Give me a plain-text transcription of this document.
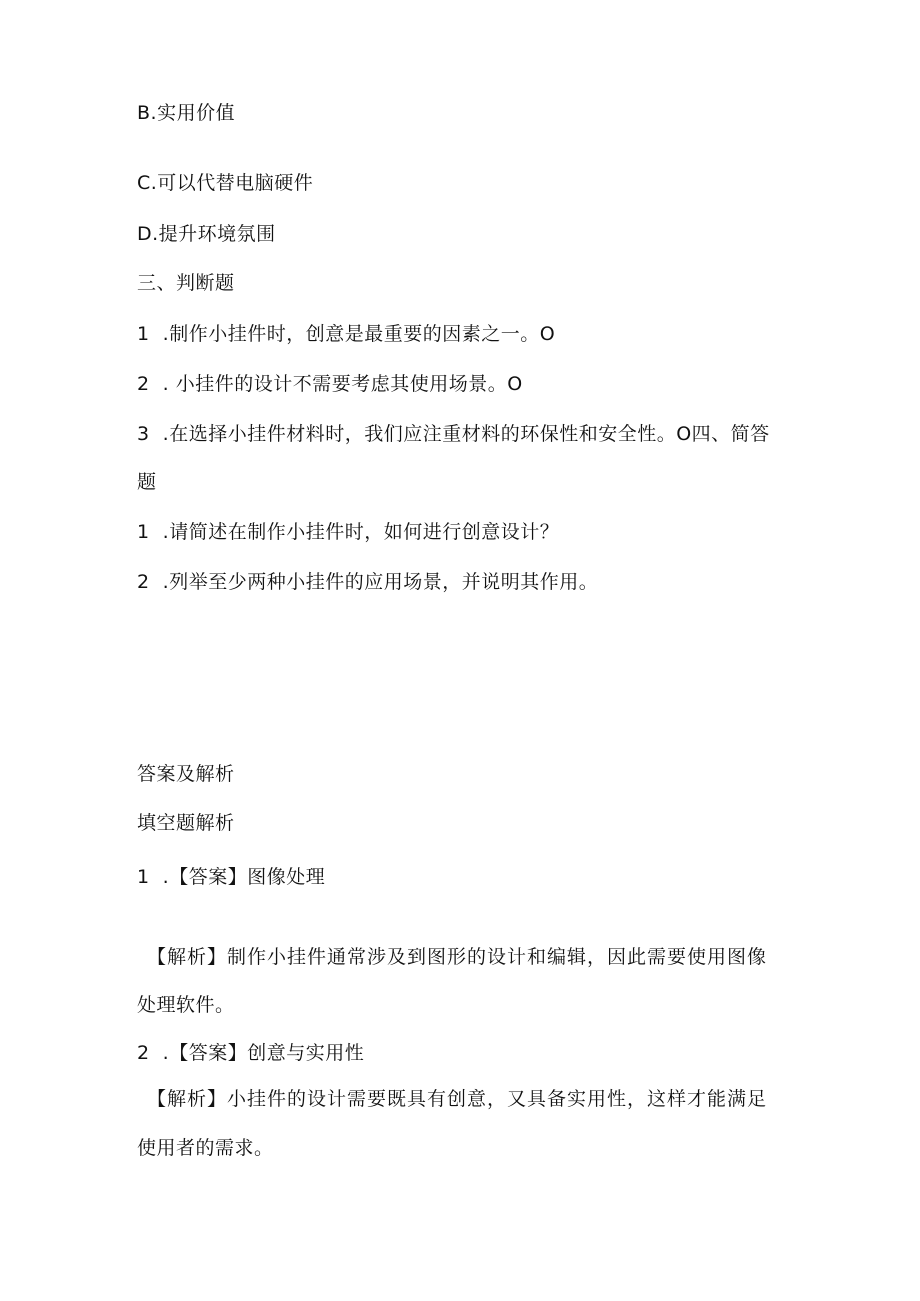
B.实用价值
C.可以代替电脑硬件
D.提升环境氛围
三、判断题
1  .制作小挂件时，创意是最重要的因素之一。O
2  . 小挂件的设计不需要考虑其使用场景。O
3  .在选择小挂件材料时，我们应注重材料的环保性和安全性。O四、简答
题
1  .请简述在制作小挂件时，如何进行创意设计？
2  .列举至少两种小挂件的应用场景，并说明其作用。
答案及解析
填空题解析
1  .【答案】图像处理
【解析】制作小挂件通常涉及到图形的设计和编辑，因此需要使用图像
处理软件。
2  .【答案】创意与实用性
【解析】小挂件的设计需要既具有创意，又具备实用性，这样才能满足
使用者的需求。
